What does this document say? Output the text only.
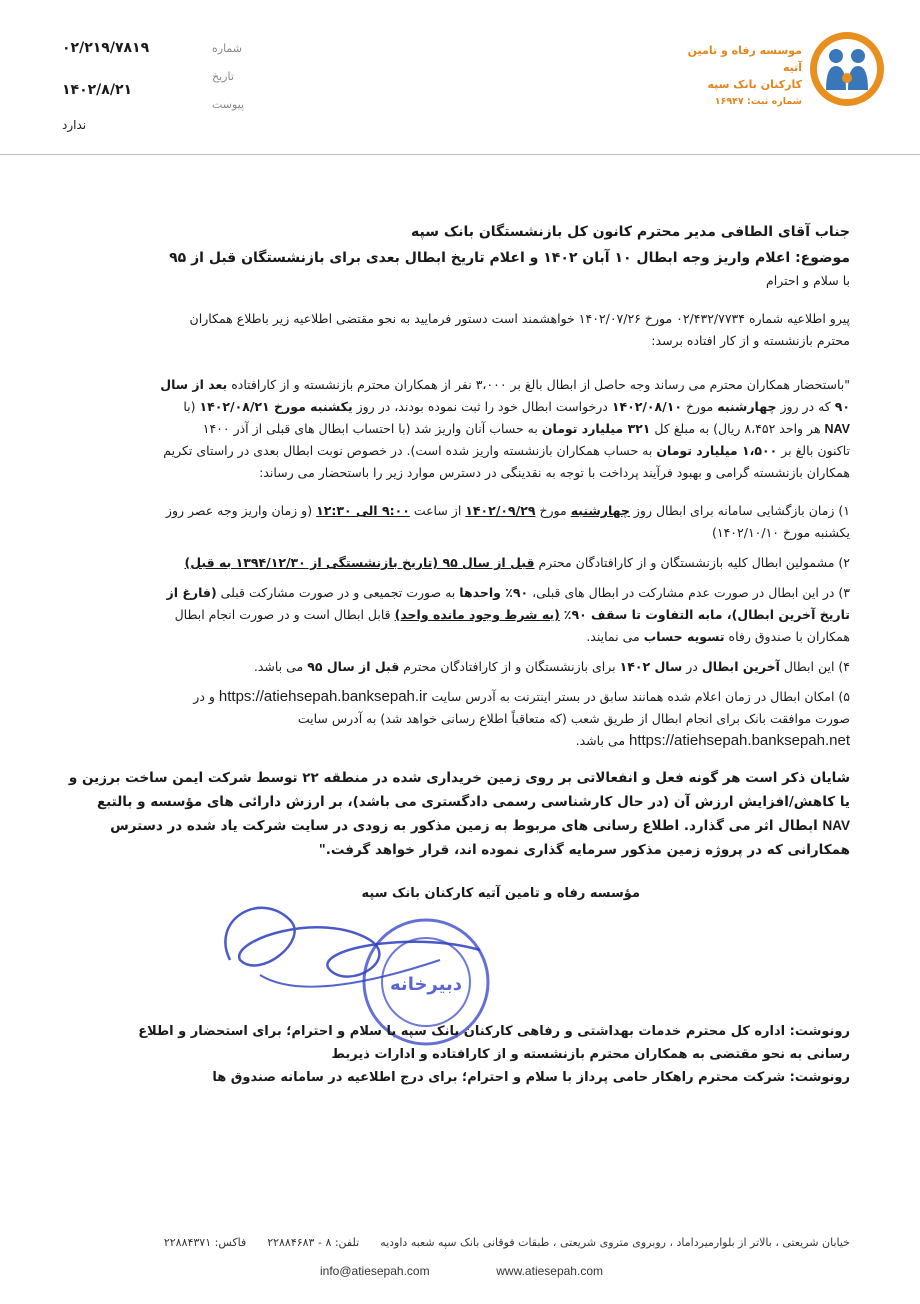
موسسه رفاه و تامین آتیه
کارکنان بانک سپه
شماره ثبت: ۱۶۹۴۷
شماره
۰۲/۲۱۹/۷۸۱۹
تاریخ
۱۴۰۲/۸/۲۱
پیوست
ندارد
جناب آقای الطافی مدیر محترم کانون کل بازنشستگان بانک سپه
موضوع: اعلام واریز وجه ابطال ۱۰ آبان ۱۴۰۲ و اعلام تاریخ ابطال بعدی برای بازنشستگان قبل از ۹۵
با سلام و احترام
پیرو اطلاعیه شماره ۰۲/۴۳۲/۷۷۳۴ مورخ ۱۴۰۲/۰۷/۲۶ خواهشمند است دستور فرمایید به نحو مقتضی اطلاعیه زیر باطلاع همکاران
محترم بازنشسته و از کار افتاده برسد:
"باستحضار همکاران محترم می رساند وجه حاصل از ابطال بالغ بر ۳،۰۰۰ نفر از همکاران محترم بازنشسته و از کارافتاده بعد از سال
۹۰ که در روز چهارشنبه مورخ ۱۴۰۲/۰۸/۱۰ درخواست ابطال خود را ثبت نموده بودند، در روز یکشنبه مورخ ۱۴۰۲/۰۸/۲۱ (با
NAV هر واحد ۸،۴۵۲ ریال) به مبلغ کل ۳۲۱ میلیارد تومان به حساب آنان واریز شد (با احتساب ابطال های قبلی از آذر ۱۴۰۰
تاکنون بالغ بر ۱،۵۰۰ میلیارد تومان به حساب همکاران بازنشسته واریز شده است). در خصوص نوبت ابطال بعدی در راستای تکریم
همکاران بازنشسته گرامی و بهبود فرآیند پرداخت با توجه به نقدینگی در دسترس موارد زیر را باستحضار می رساند:
۱) زمان بازگشایی سامانه برای ابطال روز چهارشنبه مورخ ۱۴۰۲/۰۹/۲۹ از ساعت ۹:۰۰ الی ۱۲:۳۰ (و زمان واریز وجه عصر روز
یکشنبه مورخ ۱۴۰۲/۱۰/۱۰)
۲) مشمولین ابطال کلیه بازنشستگان و از کارافتادگان محترم قبل از سال ۹۵ (تاریخ بازنشستگی از ۱۳۹۴/۱۲/۳۰ به قبل)
۳) در این ابطال در صورت عدم مشارکت در ابطال های قبلی، ۹۰٪ واحدها به صورت تجمیعی و در صورت مشارکت قبلی (فارغ از
تاریخ آخرین ابطال)، مابه التفاوت تا سقف ۹۰٪ (به شرط وجود مانده واحد) قابل ابطال است و در صورت انجام ابطال
همکاران با صندوق رفاه تسویه حساب می نمایند.
۴) این ابطال آخرین ابطال در سال ۱۴۰۲ برای بازنشستگان و از کارافتادگان محترم قبل از سال ۹۵ می باشد.
۵) امکان ابطال در زمان اعلام شده همانند سابق در بستر اینترنت به آدرس سایت https://atiehsepah.banksepah.ir و در
صورت موافقت بانک برای انجام ابطال از طریق شعب (که متعاقباً اطلاع رسانی خواهد شد) به آدرس سایت
https://atiehsepah.banksepah.net می باشد.
شایان ذکر است هر گونه فعل و انفعالاتی بر روی زمین خریداری شده در منطقه ۲۲ توسط شرکت ایمن ساخت برزین و
یا کاهش/افزایش ارزش آن (در حال کارشناسی رسمی دادگستری می باشد)، بر ارزش دارائی های مؤسسه و بالتبع
NAV ابطال اثر می گذارد. اطلاع رسانی های مربوط به زمین مذکور به زودی در سایت شرکت یاد شده در دسترس
همکارانی که در پروژه زمین مذکور سرمایه گذاری نموده اند، قرار خواهد گرفت."
مؤسسه رفاه و تامین آتیه کارکنان بانک سپه
دبیرخانه
رونوشت: اداره کل محترم خدمات بهداشتی و رفاهی کارکنان بانک سپه با سلام و احترام؛ برای استحضار و اطلاع
رسانی به نحو مقتضی به همکاران محترم بازنشسته و از کارافتاده و ادارات ذیربط
رونوشت: شرکت محترم راهکار حامی پرداز با سلام و احترام؛ برای درج اطلاعیه در سامانه صندوق ها
خیابان شریعتی ، بالاتر از بلوارمیرداماد ، روبروی متروی شریعتی ، طبقات فوقانی بانک سپه شعبه داودیه  تلفن: ۸ - ۲۲۸۸۴۶۸۳  فاکس: ۲۲۸۸۴۳۷۱
info@atiesepah.com	www.atiesepah.com
